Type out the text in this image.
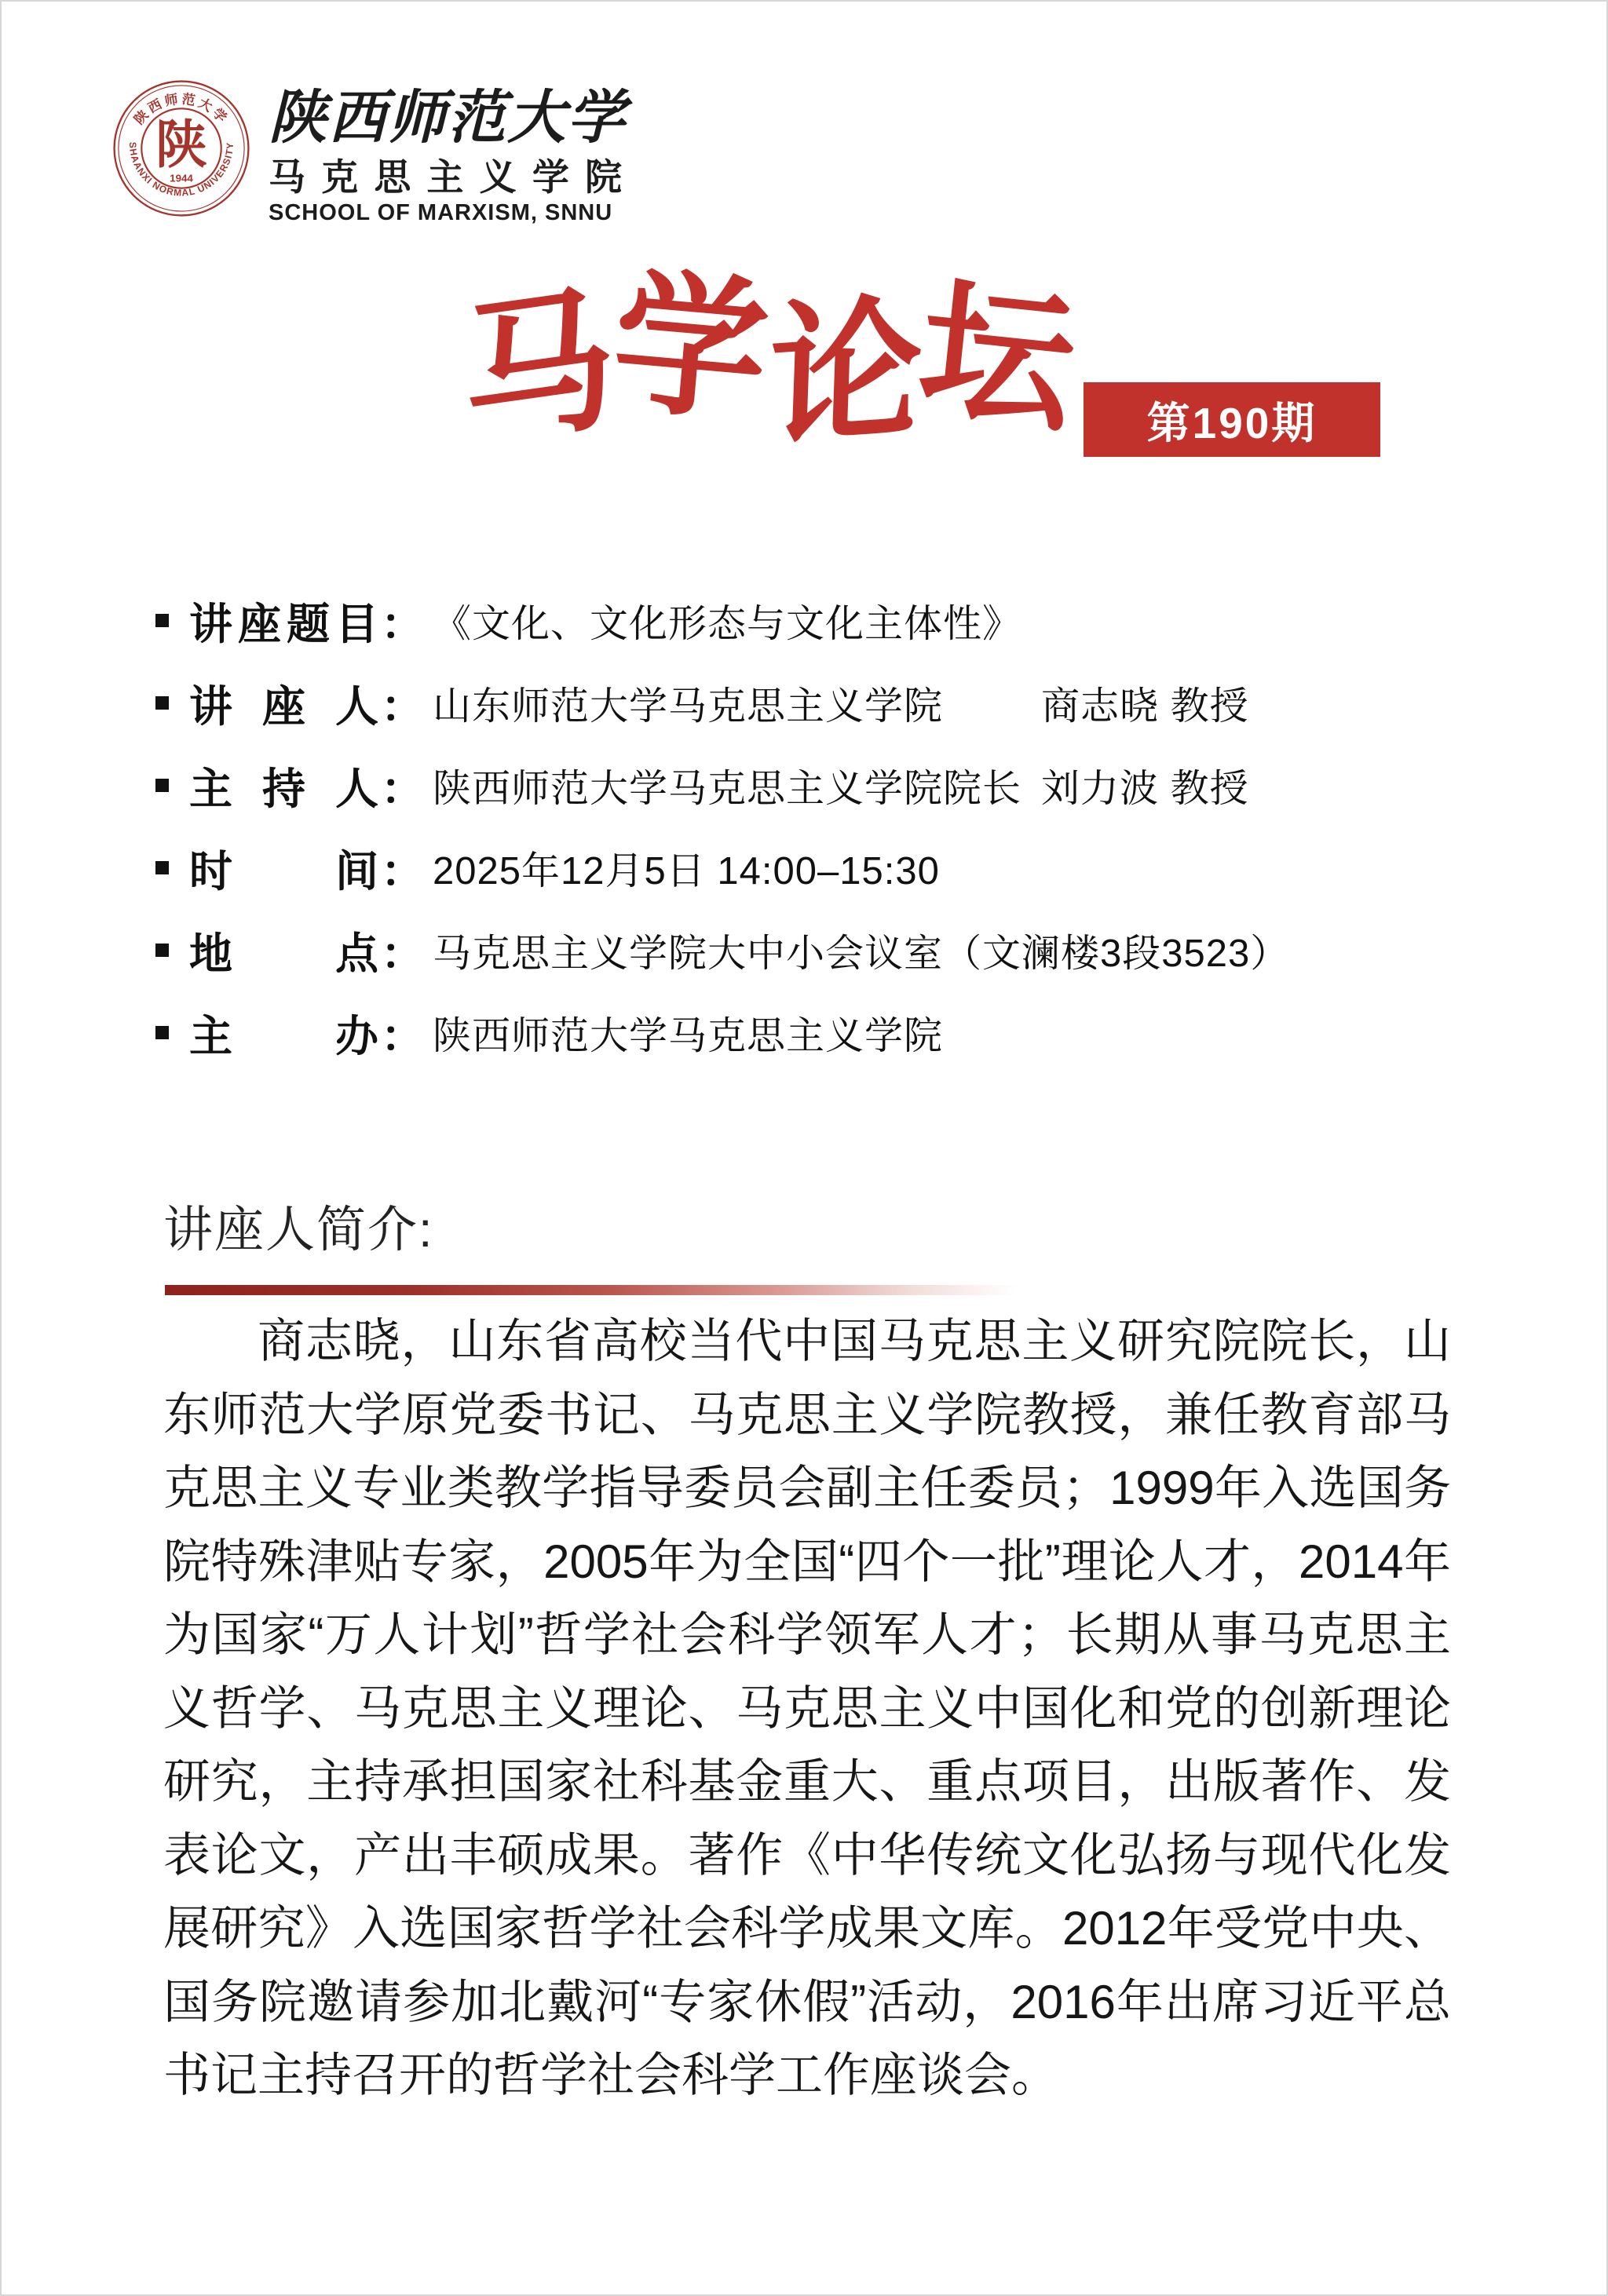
陕西师范大学
SHAANXI NORMAL UNIVERSITY
陕
1944
陕西师范大学
马克思主义学院
SCHOOL OF MARXISM, SNNU
马
学
论
坛	第190期
讲座题目 ： 《文化、文化形态与文化主体性》
讲座人 ： 山东师范大学马克思主义学院	商志晓 教授
主持人 ： 陕西师范大学马克思主义学院院长 刘力波 教授
时间 ： 2025年12月5日 14:00–15:30
地点 ： 马克思主义学院大中小会议室（文澜楼3段3523）
主办 ： 陕西师范大学马克思主义学院
讲座人简介:
商志晓，山东省高校当代中国马克思主义研究院院长，山东师范大学原党委书记、马克思主义学院教授，兼任教育部马克思主义专业类教学指导委员会副主任委员；1999年入选国务院特殊津贴专家，2005年为全国“四个一批”理论人才，2014年为国家“万人计划”哲学社会科学领军人才；长期从事马克思主义哲学、马克思主义理论、马克思主义中国化和党的创新理论研究，主持承担国家社科基金重大、重点项目，出版著作、发表论文，产出丰硕成果。著作《中华传统文化弘扬与现代化发展研究》入选国家哲学社会科学成果文库。2012年受党中央、国务院邀请参加北戴河“专家休假”活动，2016年出席习近平总书记主持召开的哲学社会科学工作座谈会。
